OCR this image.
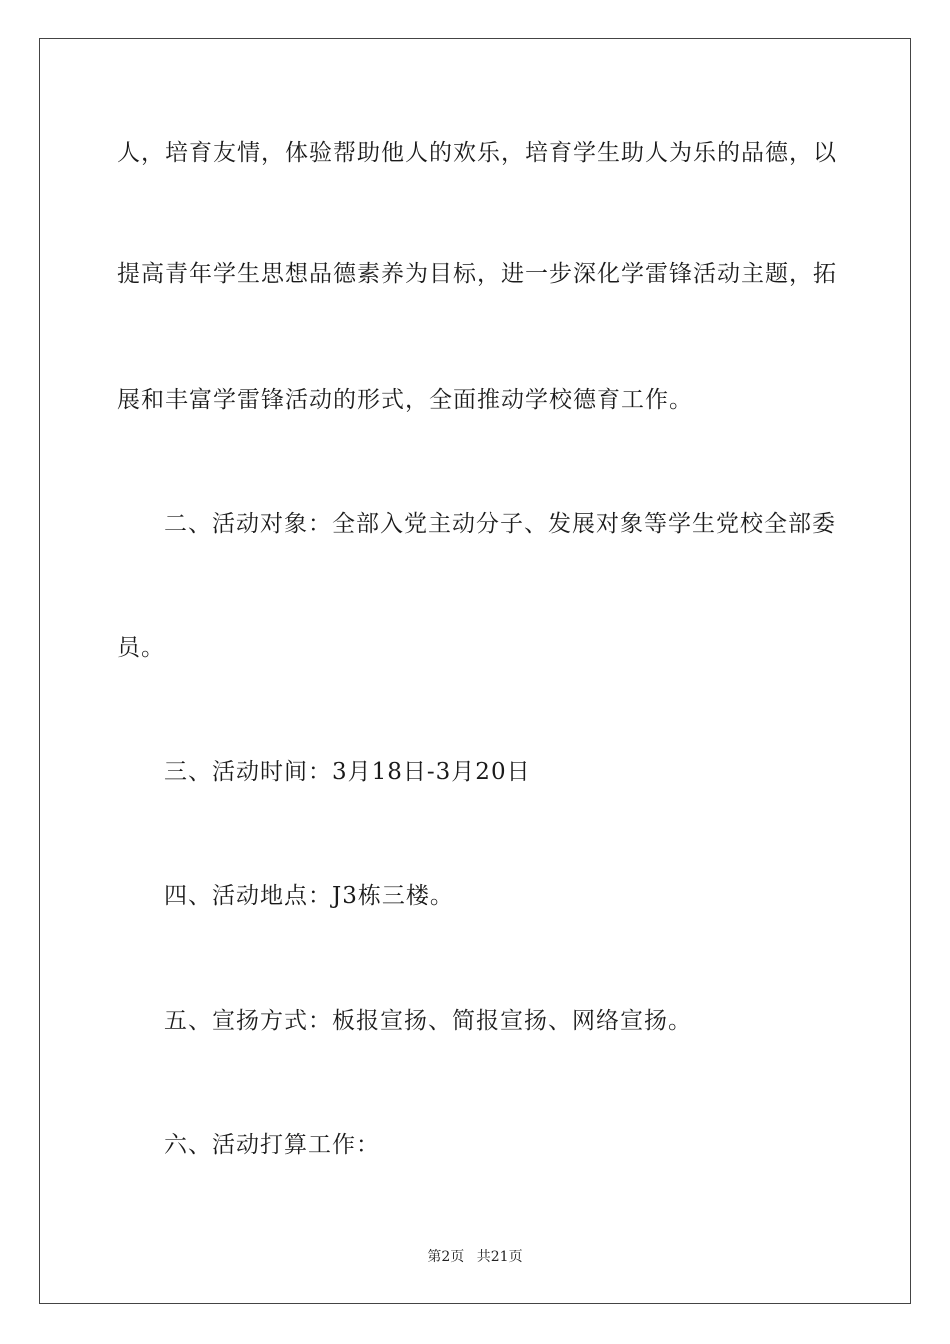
人，培育友情，体验帮助他人的欢乐，培育学生助人为乐的品德，以
提高青年学生思想品德素养为目标，进一步深化学雷锋活动主题，拓
展和丰富学雷锋活动的形式，全面推动学校德育工作。
二、活动对象：全部入党主动分子、发展对象等学生党校全部委
员。
三、活动时间：3月18日-3月20日
四、活动地点：J3栋三楼。
五、宣扬方式：板报宣扬、简报宣扬、网络宣扬。
六、活动打算工作：
第2页 共21页
